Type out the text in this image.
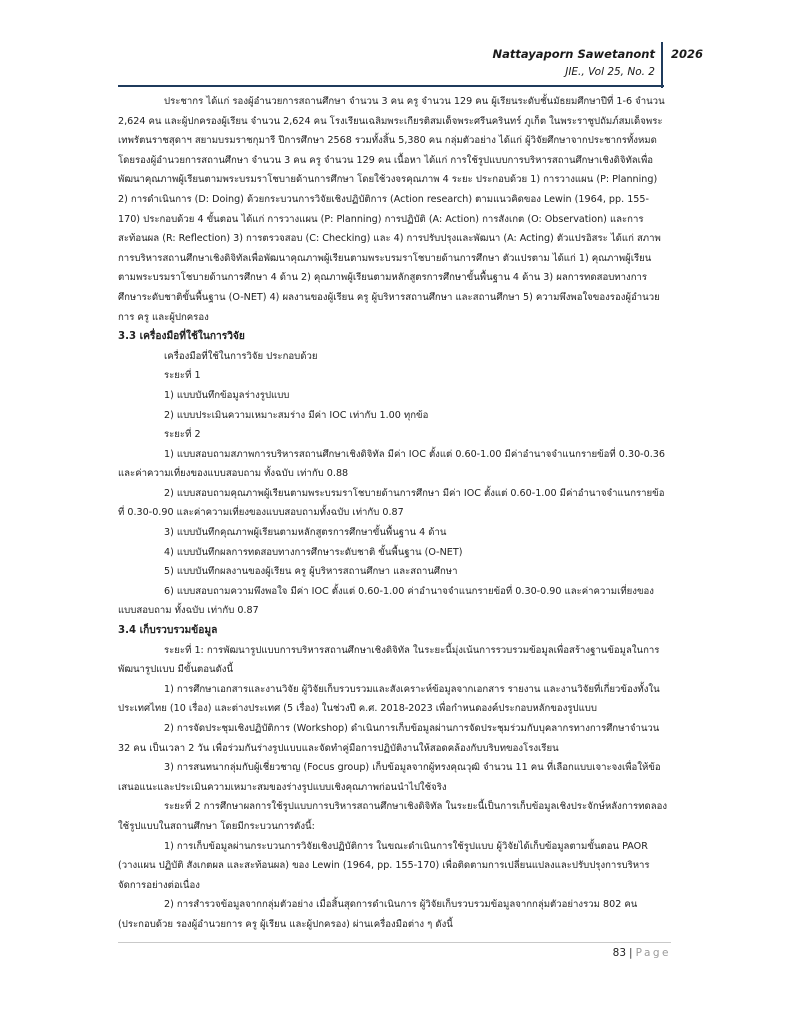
Nattayaporn Sawetanont
JIE., Vol 25, No. 2
2026

ประชากร ได้แก่ รองผู้อำนวยการสถานศึกษา จำนวน 3 คน ครู จำนวน 129 คน ผู้เรียนระดับชั้นมัธยมศึกษาปีที่ 1-6 จำนวน 2,624 คน และผู้ปกครองผู้เรียน จำนวน 2,624 คน โรงเรียนเฉลิมพระเกียรติสมเด็จพระศรีนครินทร์ ภูเก็ต ในพระราชูปถัมภ์สมเด็จพระเทพรัตนราชสุดาฯ สยามบรมราชกุมารี ปีการศึกษา 2568 รวมทั้งสิ้น 5,380 คน กลุ่มตัวอย่าง ได้แก่ ผู้วิจัยศึกษาจากประชากรทั้งหมดโดยรองผู้อำนวยการสถานศึกษา จำนวน 3 คน ครู จำนวน 129 คน เนื้อหา ได้แก่ การใช้รูปแบบการบริหารสถานศึกษาเชิงดิจิทัลเพื่อพัฒนาคุณภาพผู้เรียนตามพระบรมราโชบายด้านการศึกษา โดยใช้วงจรคุณภาพ 4 ระยะ ประกอบด้วย 1) การวางแผน (P: Planning) 2) การดำเนินการ (D: Doing) ด้วยกระบวนการวิจัยเชิงปฏิบัติการ (Action research) ตามแนวคิดของ Lewin (1964, pp. 155-170) ประกอบด้วย 4 ขั้นตอน ได้แก่ การวางแผน (P: Planning) การปฏิบัติ (A: Action) การสังเกต (O: Observation) และการสะท้อนผล (R: Reflection) 3) การตรวจสอบ (C: Checking) และ 4) การปรับปรุงและพัฒนา (A: Acting) ตัวแปรอิสระ ได้แก่ สภาพการบริหารสถานศึกษาเชิงดิจิทัลเพื่อพัฒนาคุณภาพผู้เรียนตามพระบรมราโชบายด้านการศึกษา ตัวแปรตาม ได้แก่ 1) คุณภาพผู้เรียนตามพระบรมราโชบายด้านการศึกษา 4 ด้าน 2) คุณภาพผู้เรียนตามหลักสูตรการศึกษาขั้นพื้นฐาน 4 ด้าน 3) ผลการทดสอบทางการศึกษาระดับชาติขั้นพื้นฐาน (O-NET) 4) ผลงานของผู้เรียน ครู ผู้บริหารสถานศึกษา และสถานศึกษา 5) ความพึงพอใจของรองผู้อำนวยการ ครู และผู้ปกครอง

3.3 เครื่องมือที่ใช้ในการวิจัย

เครื่องมือที่ใช้ในการวิจัย ประกอบด้วย

ระยะที่ 1

1) แบบบันทึกข้อมูลร่างรูปแบบ

2) แบบประเมินความเหมาะสมร่าง มีค่า IOC เท่ากับ 1.00 ทุกข้อ

ระยะที่ 2

1) แบบสอบถามสภาพการบริหารสถานศึกษาเชิงดิจิทัล มีค่า IOC ตั้งแต่ 0.60-1.00 มีค่าอำนาจจำแนกรายข้อที่ 0.30-0.36 และค่าความเที่ยงของแบบสอบถาม ทั้งฉบับ เท่ากับ 0.88

2) แบบสอบถามคุณภาพผู้เรียนตามพระบรมราโชบายด้านการศึกษา มีค่า IOC ตั้งแต่ 0.60-1.00 มีค่าอำนาจจำแนกรายข้อที่ 0.30-0.90 และค่าความเที่ยงของแบบสอบถามทั้งฉบับ เท่ากับ 0.87

3) แบบบันทึกคุณภาพผู้เรียนตามหลักสูตรการศึกษาขั้นพื้นฐาน 4 ด้าน

4) แบบบันทึกผลการทดสอบทางการศึกษาระดับชาติ ขั้นพื้นฐาน (O-NET)

5) แบบบันทึกผลงานของผู้เรียน ครู ผู้บริหารสถานศึกษา และสถานศึกษา

6) แบบสอบถามความพึงพอใจ มีค่า IOC ตั้งแต่ 0.60-1.00 ค่าอำนาจจำแนกรายข้อที่ 0.30-0.90 และค่าความเที่ยงของแบบสอบถาม ทั้งฉบับ เท่ากับ 0.87

3.4 เก็บรวบรวมข้อมูล

ระยะที่ 1: การพัฒนารูปแบบการบริหารสถานศึกษาเชิงดิจิทัล ในระยะนี้มุ่งเน้นการรวบรวมข้อมูลเพื่อสร้างฐานข้อมูลในการพัฒนารูปแบบ มีขั้นตอนดังนี้

1) การศึกษาเอกสารและงานวิจัย ผู้วิจัยเก็บรวบรวมและสังเคราะห์ข้อมูลจากเอกสาร รายงาน และงานวิจัยที่เกี่ยวข้องทั้งในประเทศไทย (10 เรื่อง) และต่างประเทศ (5 เรื่อง) ในช่วงปี ค.ศ. 2018-2023 เพื่อกำหนดองค์ประกอบหลักของรูปแบบ

2) การจัดประชุมเชิงปฏิบัติการ (Workshop) ดำเนินการเก็บข้อมูลผ่านการจัดประชุมร่วมกับบุคลากรทางการศึกษาจำนวน 32 คน เป็นเวลา 2 วัน เพื่อร่วมกันร่างรูปแบบและจัดทำคู่มือการปฏิบัติงานให้สอดคล้องกับบริบทของโรงเรียน

3) การสนทนากลุ่มกับผู้เชี่ยวชาญ (Focus group) เก็บข้อมูลจากผู้ทรงคุณวุฒิ จำนวน 11 คน ที่เลือกแบบเจาะจงเพื่อให้ข้อเสนอแนะและประเมินความเหมาะสมของร่างรูปแบบเชิงคุณภาพก่อนนำไปใช้จริง

ระยะที่ 2 การศึกษาผลการใช้รูปแบบการบริหารสถานศึกษาเชิงดิจิทัล ในระยะนี้เป็นการเก็บข้อมูลเชิงประจักษ์หลังการทดลองใช้รูปแบบในสถานศึกษา โดยมีกระบวนการดังนี้:

1) การเก็บข้อมูลผ่านกระบวนการวิจัยเชิงปฏิบัติการ ในขณะดำเนินการใช้รูปแบบ ผู้วิจัยได้เก็บข้อมูลตามขั้นตอน PAOR (วางแผน ปฏิบัติ สังเกตผล และสะท้อนผล) ของ Lewin (1964, pp. 155-170) เพื่อติดตามการเปลี่ยนแปลงและปรับปรุงการบริหารจัดการอย่างต่อเนื่อง

2) การสำรวจข้อมูลจากกลุ่มตัวอย่าง เมื่อสิ้นสุดการดำเนินการ ผู้วิจัยเก็บรวบรวมข้อมูลจากกลุ่มตัวอย่างรวม 802 คน (ประกอบด้วย รองผู้อำนวยการ ครู ผู้เรียน และผู้ปกครอง) ผ่านเครื่องมือต่าง ๆ ดังนี้

83 | Page
